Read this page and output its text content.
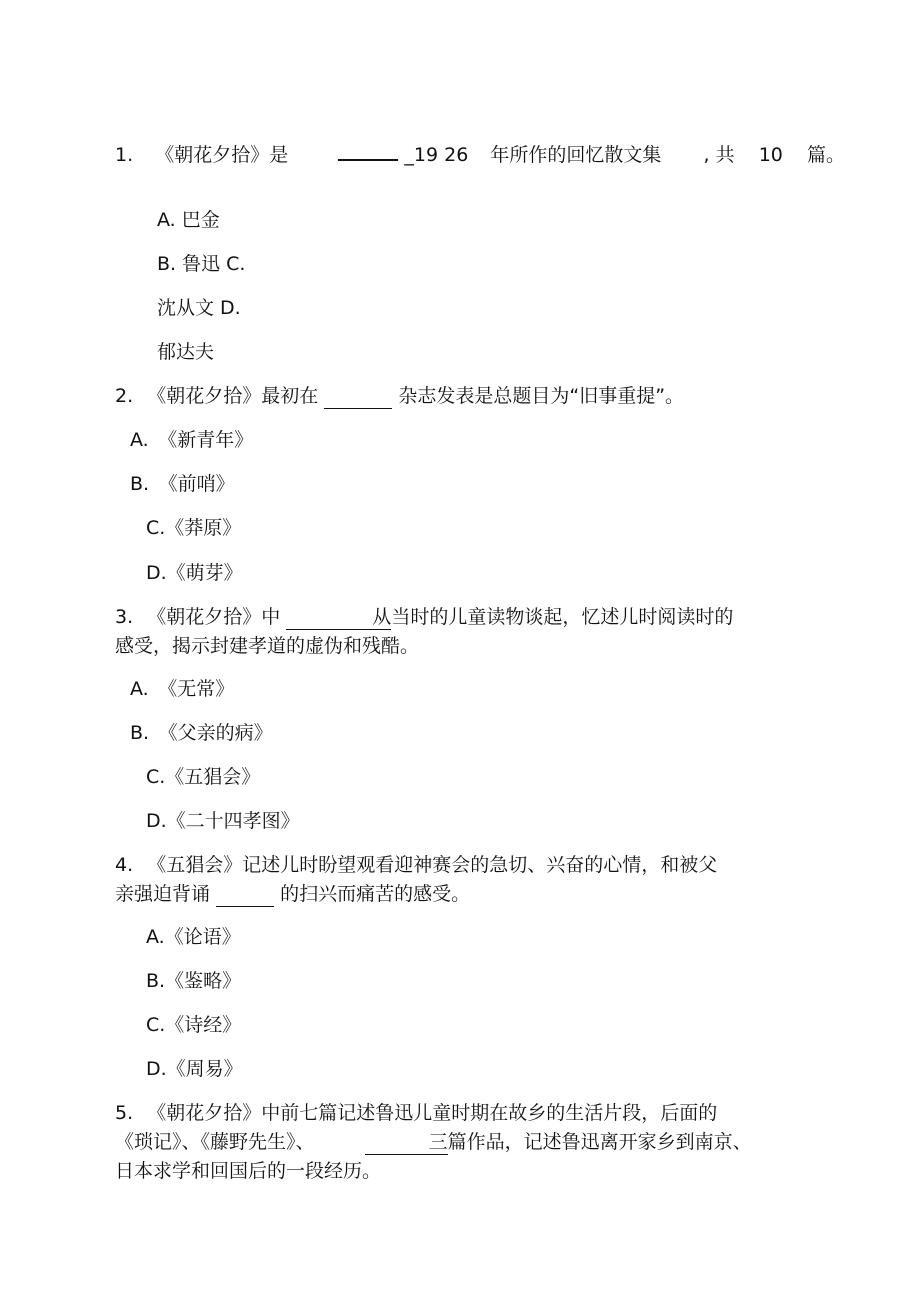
1. 《朝花夕拾》是	_19 26 年所作的回忆散文集 , 共 10 篇。
A. 巴金
B. 鲁迅 C.
沈从文 D.
郁达夫
2. 《朝花夕拾》最初在	杂志发表是总题目为“旧事重提”。
A.　《新青年》
B.　《前哨》
C.《莽原》
D.《萌芽》
3. 《朝花夕拾》中	从当时的儿童读物谈起，忆述儿时阅读时的
感受，揭示封建孝道的虚伪和残酷。
A.　《无常》
B.　《父亲的病》
C.《五猖会》
D.《二十四孝图》
4. 《五猖会》记述儿时盼望观看迎神赛会的急切、兴奋的心情，和被父
亲强迫背诵	的扫兴而痛苦的感受。
A.《论语》
B.《鉴略》
C.《诗经》
D.《周易》
5. 《朝花夕拾》中前七篇记述鲁迅儿童时期在故乡的生活片段，后面的
《琐记》、《藤野先生》、	三篇作品，记述鲁迅离开家乡到南京、
日本求学和回国后的一段经历。
